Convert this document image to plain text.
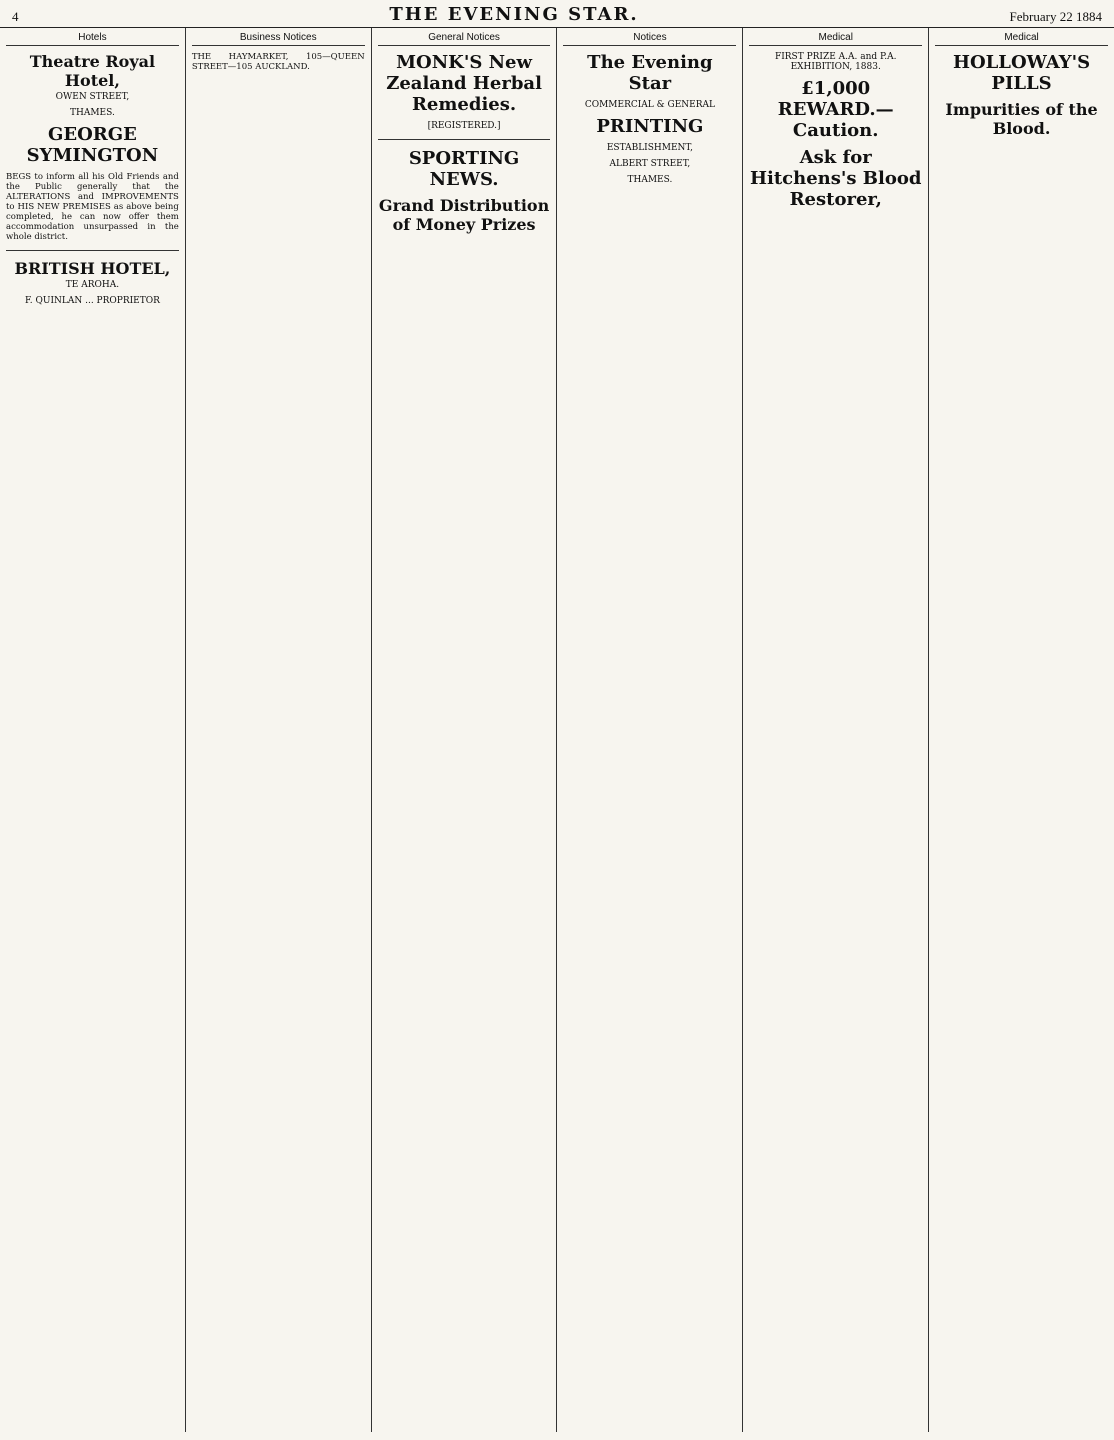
4	THE EVENING STAR.	February 22 1884
Hotels
Theatre Royal Hotel,
OWEN STREET,
THAMES.
GEORGE SYMINGTON

BEGS to inform all his Old Friends and the Public generally that the ALTERATIONS and IMPROVEMENTS to HIS NEW PREMISES as above being completed, he can now offer them accommodation unsurpassed in the whole district.

BRITISH HOTEL,
TE AROHA.
F. QUINLAN ... PROPRIETOR
Business Notices

THE HAYMARKET, 105—QUEEN STREET—105 AUCKLAND.

General Notices
MONK'S New Zealand Herbal Remedies.
[REGISTERED.]
SPORTING NEWS.
Grand Distribution of Money Prizes
Notices
The Evening Star
COMMERCIAL & GENERAL
PRINTING
ESTABLISHMENT,
ALBERT STREET,
THAMES.
Medical
FIRST PRIZE A.A. and P.A. EXHIBITION, 1883.
£1,000 REWARD.—Caution.
Ask for Hitchens's Blood Restorer,
Medical
HOLLOWAY'S PILLS
Impurities of the Blood.
